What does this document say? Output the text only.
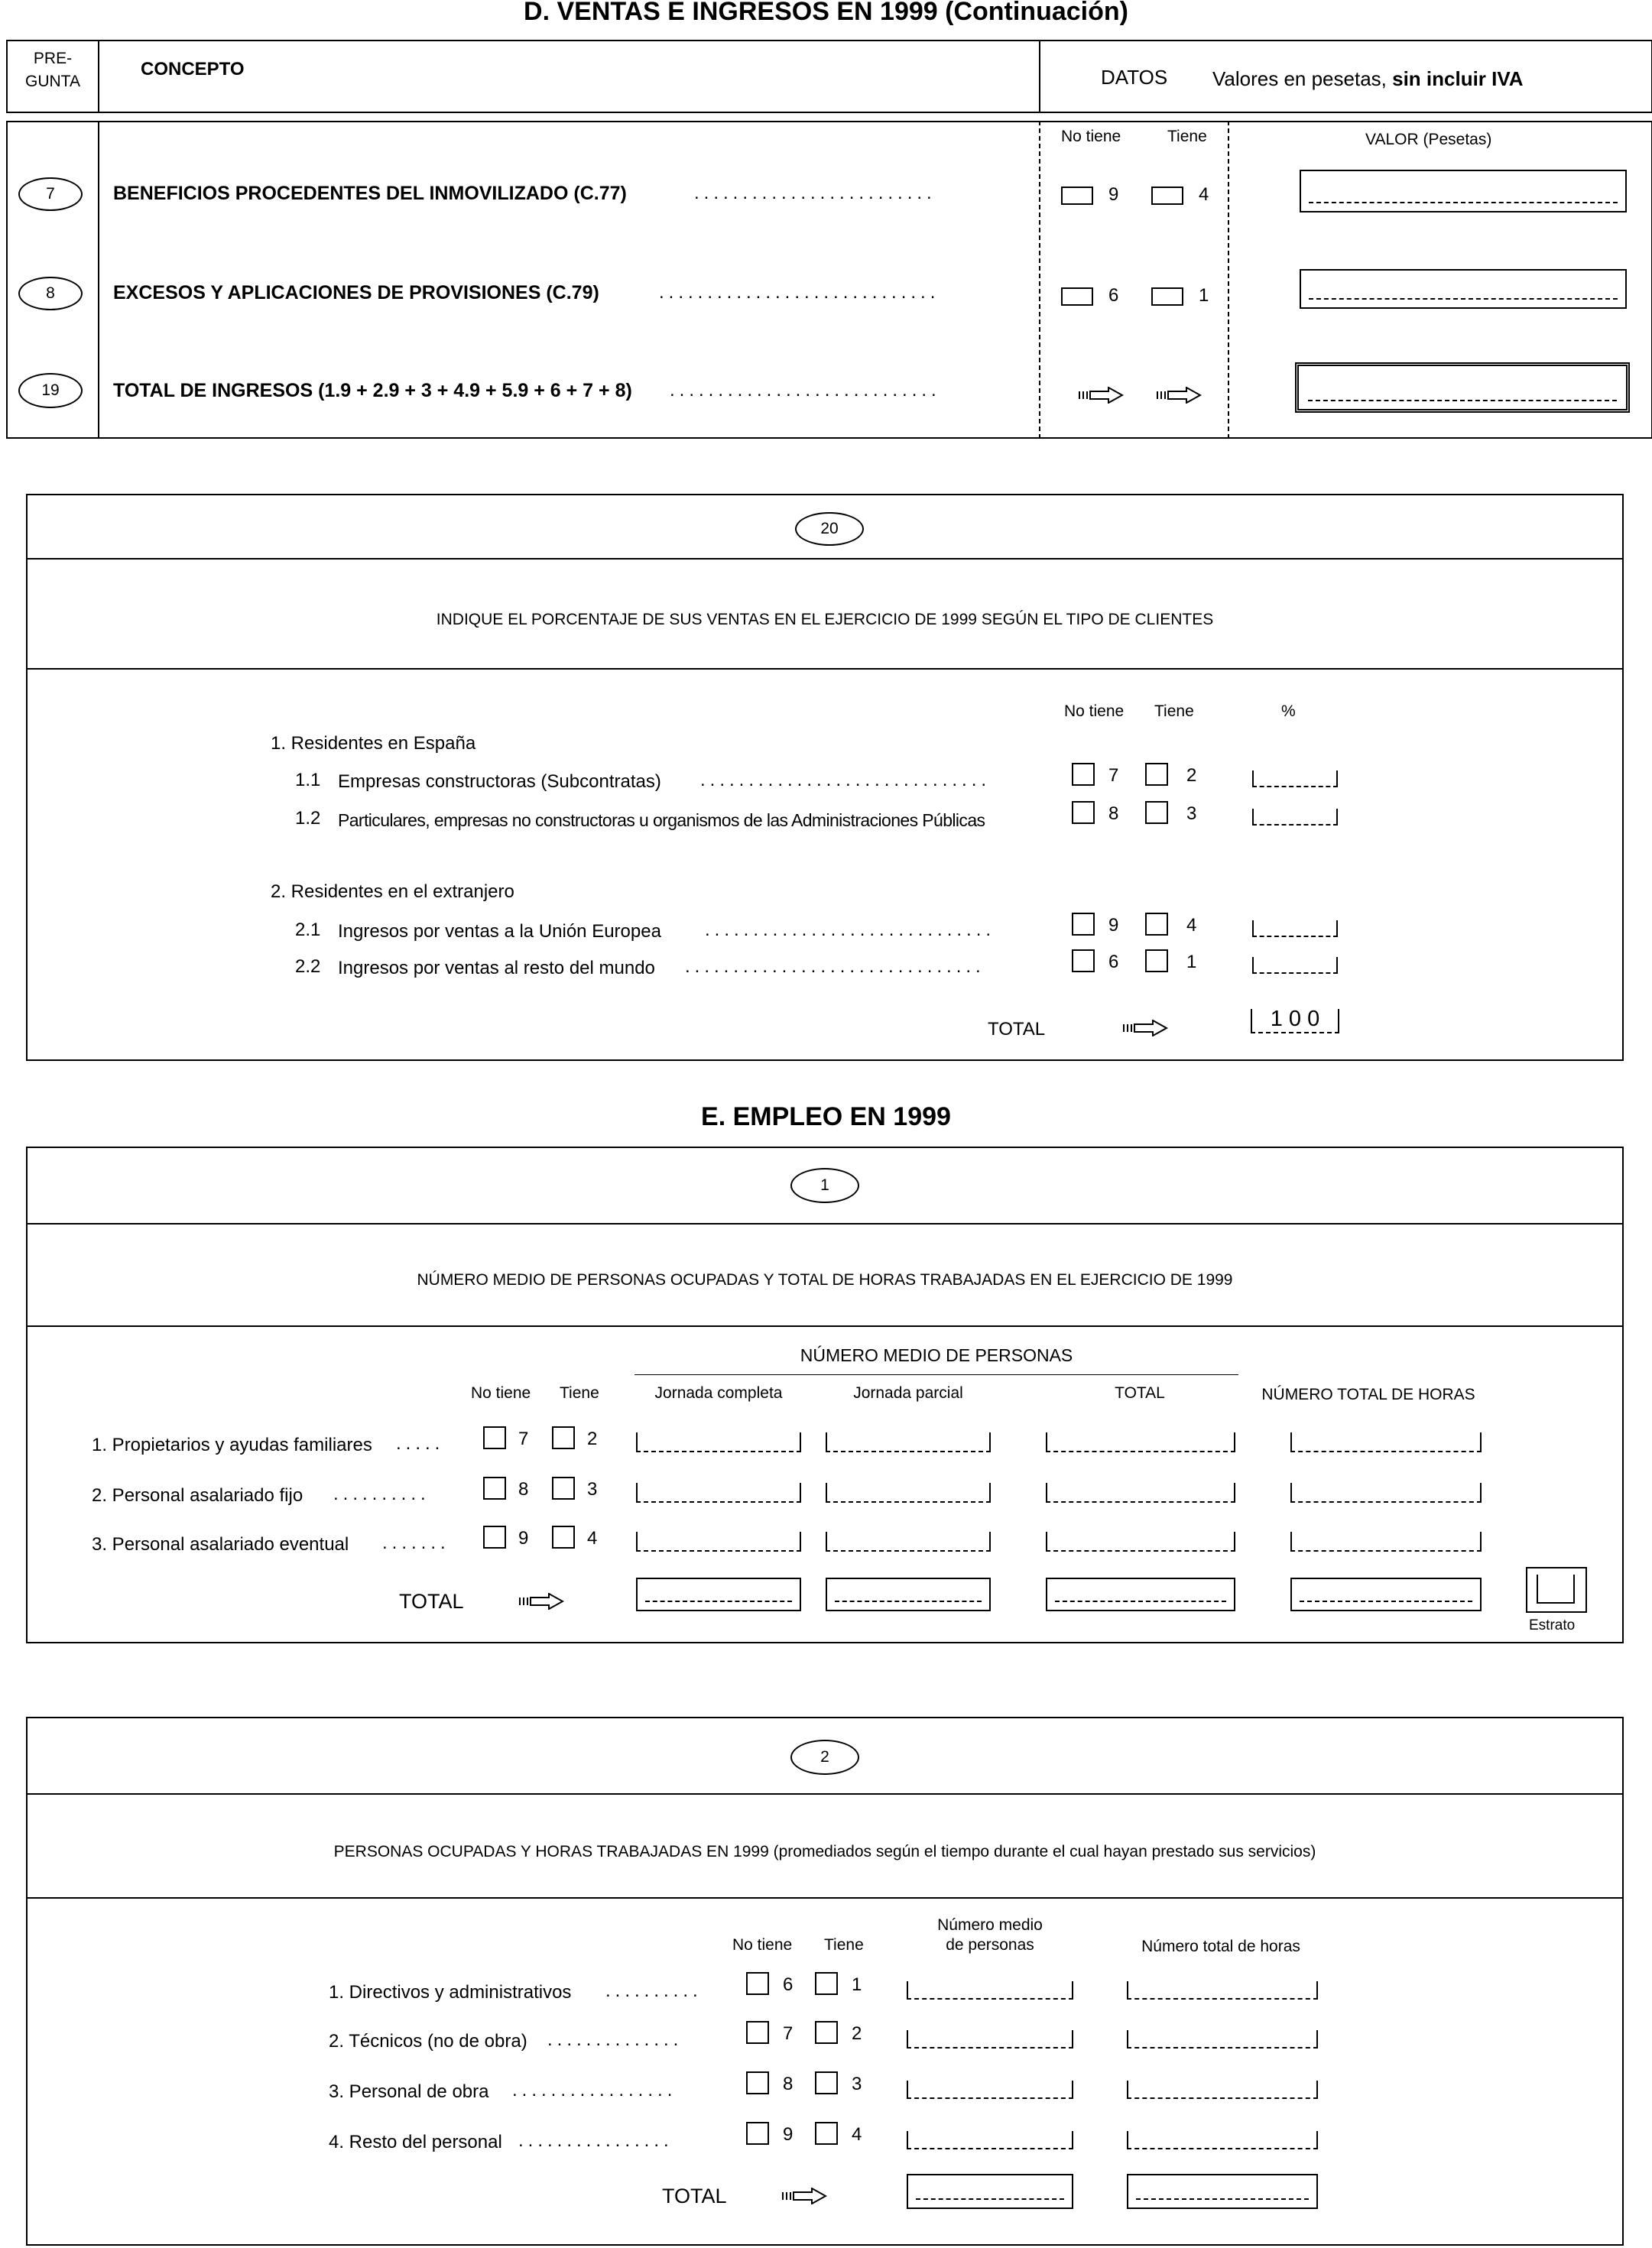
D. VENTAS E INGRESOS EN 1999 (Continuación)
PRE-
GUNTA
CONCEPTO	DATOS Valores en pesetas, sin incluir IVA
No tiene	Tiene	VALOR (Pesetas)
7	BENEFICIOS PROCEDENTES DEL INMOVILIZADO (C.77)	.........................	9	4
8	EXCESOS Y APLICACIONES DE PROVISIONES (C.79)	.............................	6	1
19	TOTAL DE INGRESOS (1.9 + 2.9 + 3 + 4.9 + 5.9 + 6 + 7 + 8) ............................
20
INDIQUE EL PORCENTAJE DE SUS VENTAS EN EL EJERCICIO DE 1999 SEGÚN EL TIPO DE CLIENTES
No tiene Tiene	%
1. Residentes en España
2. Residentes en el extranjero
1.1 Empresas constructoras (Subcontratas) ..............................	7	2
1.2 Particulares, empresas no constructoras u organismos de las Administraciones Públicas	8	3
2.1 Ingresos por ventas a la Unión Europea ..............................	9	4
2.2 Ingresos por ventas al resto del mundo ...............................	6	1
TOTAL	1 0 0
E. EMPLEO EN 1999
1
NÚMERO MEDIO DE PERSONAS OCUPADAS Y TOTAL DE HORAS TRABAJADAS EN EL EJERCICIO DE 1999
NÚMERO MEDIO DE PERSONAS
No tiene Tiene	Jornada completa	Jornada parcial	TOTAL	NÚMERO TOTAL DE HORAS
1. Propietarios y ayudas familiares .....	7	2
2. Personal asalariado fijo ..........	8	3
3. Personal asalariado eventual .......	9	4
TOTAL
Estrato
2
PERSONAS OCUPADAS Y HORAS TRABAJADAS EN 1999 (promediados según el tiempo durante el cual hayan prestado sus servicios)
No tiene Tiene
Número medio
de personas	Número total de horas
1. Directivos y administrativos ..........	6	1
2. Técnicos (no de obra) ..............	7	2
3. Personal de obra .................	8	3
4. Resto del personal ................	9	4
TOTAL
